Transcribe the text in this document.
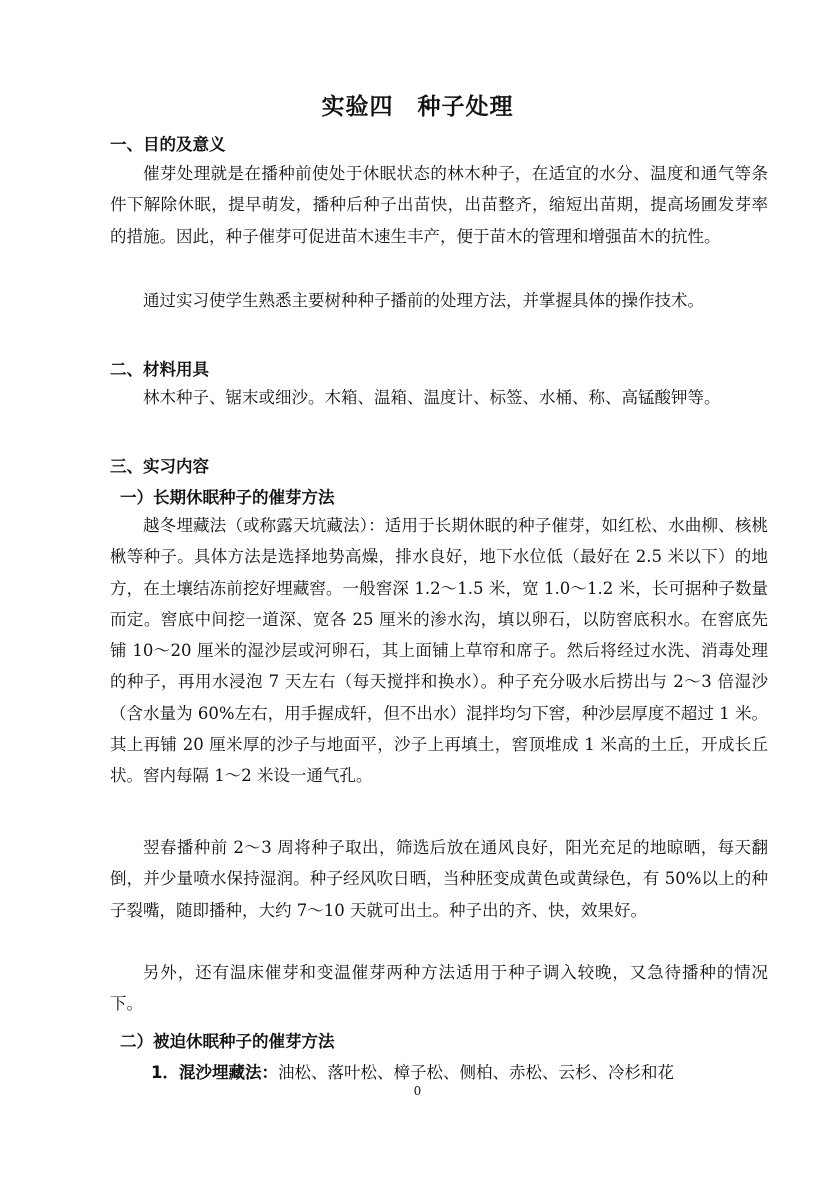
实验四　种子处理
一、目的及意义

催芽处理就是在播种前使处于休眠状态的林木种子，在适宜的水分、温度和通气等条件下解除休眠，提早萌发，播种后种子出苗快，出苗整齐，缩短出苗期，提高场圃发芽率的措施。因此，种子催芽可促进苗木速生丰产，便于苗木的管理和增强苗木的抗性。

通过实习使学生熟悉主要树种种子播前的处理方法，并掌握具体的操作技术。

二、材料用具

林木种子、锯末或细沙。木箱、温箱、温度计、标签、水桶、称、高锰酸钾等。

三、实习内容
一）长期休眠种子的催芽方法

越冬埋藏法（或称露天坑藏法）：适用于长期休眠的种子催芽，如红松、水曲柳、核桃楸等种子。具体方法是选择地势高燥，排水良好，地下水位低（最好在 2.5 米以下）的地方，在土壤结冻前挖好埋藏窖。一般窖深 1.2～1.5 米，宽 1.0～1.2 米，长可据种子数量而定。窖底中间挖一道深、宽各 25 厘米的渗水沟，填以卵石，以防窖底积水。在窖底先铺 10～20 厘米的湿沙层或河卵石，其上面铺上草帘和席子。然后将经过水洗、消毒处理的种子，再用水浸泡 7 天左右（每天搅拌和换水）。种子充分吸水后捞出与 2～3 倍湿沙（含水量为 60%左右，用手握成轩，但不出水）混拌均匀下窖，种沙层厚度不超过 1 米。其上再铺 20 厘米厚的沙子与地面平，沙子上再填土，窖顶堆成 1 米高的土丘，开成长丘状。窖内每隔 1～2 米设一通气孔。

翌春播种前 2～3 周将种子取出，筛选后放在通风良好，阳光充足的地晾晒，每天翻倒，并少量喷水保持湿润。种子经风吹日晒，当种胚变成黄色或黄绿色，有 50%以上的种子裂嘴，随即播种，大约 7～10 天就可出土。种子出的齐、快，效果好。

另外，还有温床催芽和变温催芽两种方法适用于种子调入较晚，又急待播种的情况下。

二）被迫休眠种子的催芽方法
1．混沙埋藏法：油松、落叶松、樟子松、侧柏、赤松、云杉、冷杉和花
0
